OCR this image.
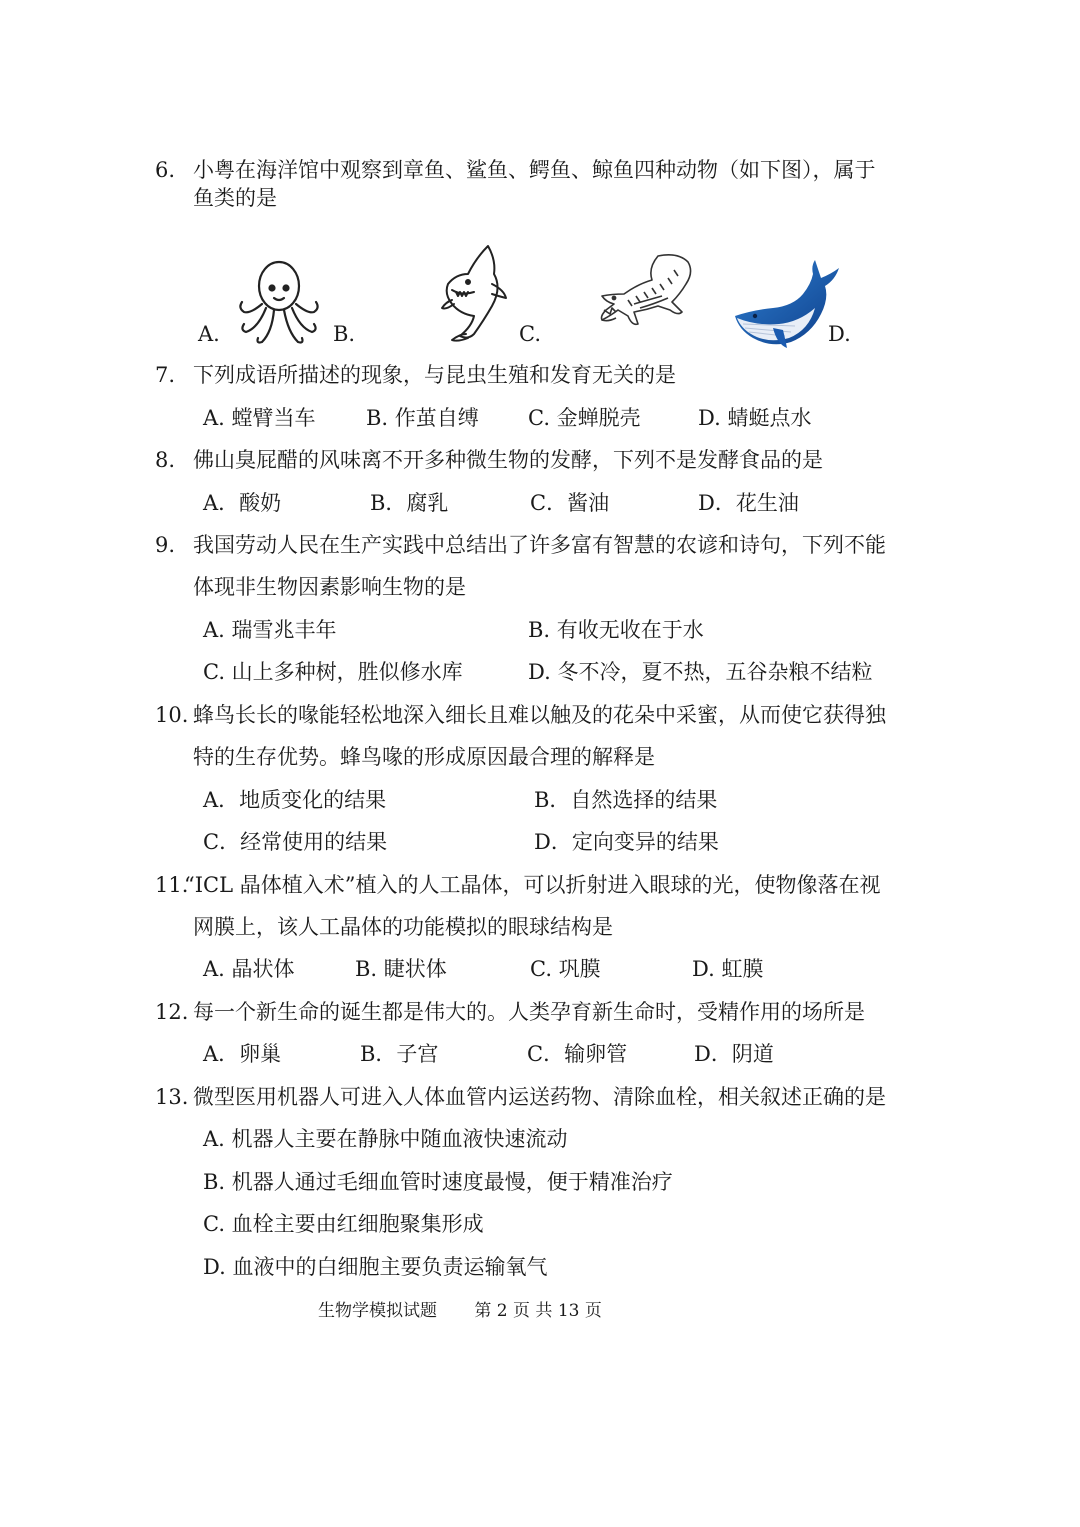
6. 小粤在海洋馆中观察到章鱼、鲨鱼、鳄鱼、鲸鱼四种动物（如下图），属于
鱼类的是
A.	B.	C.	D.
7. 下列成语所描述的现象，与昆虫生殖和发育无关的是
A. 螳臂当车 B. 作茧自缚 C. 金蝉脱壳	D. 蜻蜓点水
8. 佛山臭屁醋的风味离不开多种微生物的发酵，下列不是发酵食品的是
A．酸奶	B．腐乳	C．酱油	D．花生油
9. 我国劳动人民在生产实践中总结出了许多富有智慧的农谚和诗句，下列不能
体现非生物因素影响生物的是
A. 瑞雪兆丰年	B. 有收无收在于水
C. 山上多种树，胜似修水库	D. 冬不冷，夏不热，五谷杂粮不结粒
10. 蜂鸟长长的喙能轻松地深入细长且难以触及的花朵中采蜜，从而使它获得独
特的生存优势。蜂鸟喙的形成原因最合理的解释是
A．地质变化的结果	B．自然选择的结果
C．经常使用的结果	D．定向变异的结果
11.
“ICL 晶体植入术”植入的人工晶体，可以折射进入眼球的光，使物像落在视
网膜上，该人工晶体的功能模拟的眼球结构是
A. 晶状体	B. 睫状体	C. 巩膜	D. 虹膜
12. 每一个新生命的诞生都是伟大的。人类孕育新生命时，受精作用的场所是
A．卵巢	B．子宫	C．输卵管	D．阴道
13. 微型医用机器人可进入人体血管内运送药物、清除血栓，相关叙述正确的是
A. 机器人主要在静脉中随血液快速流动
B. 机器人通过毛细血管时速度最慢，便于精准治疗
C. 血栓主要由红细胞聚集形成
D. 血液中的白细胞主要负责运输氧气
生物学模拟试题 第 2 页 共 13 页
